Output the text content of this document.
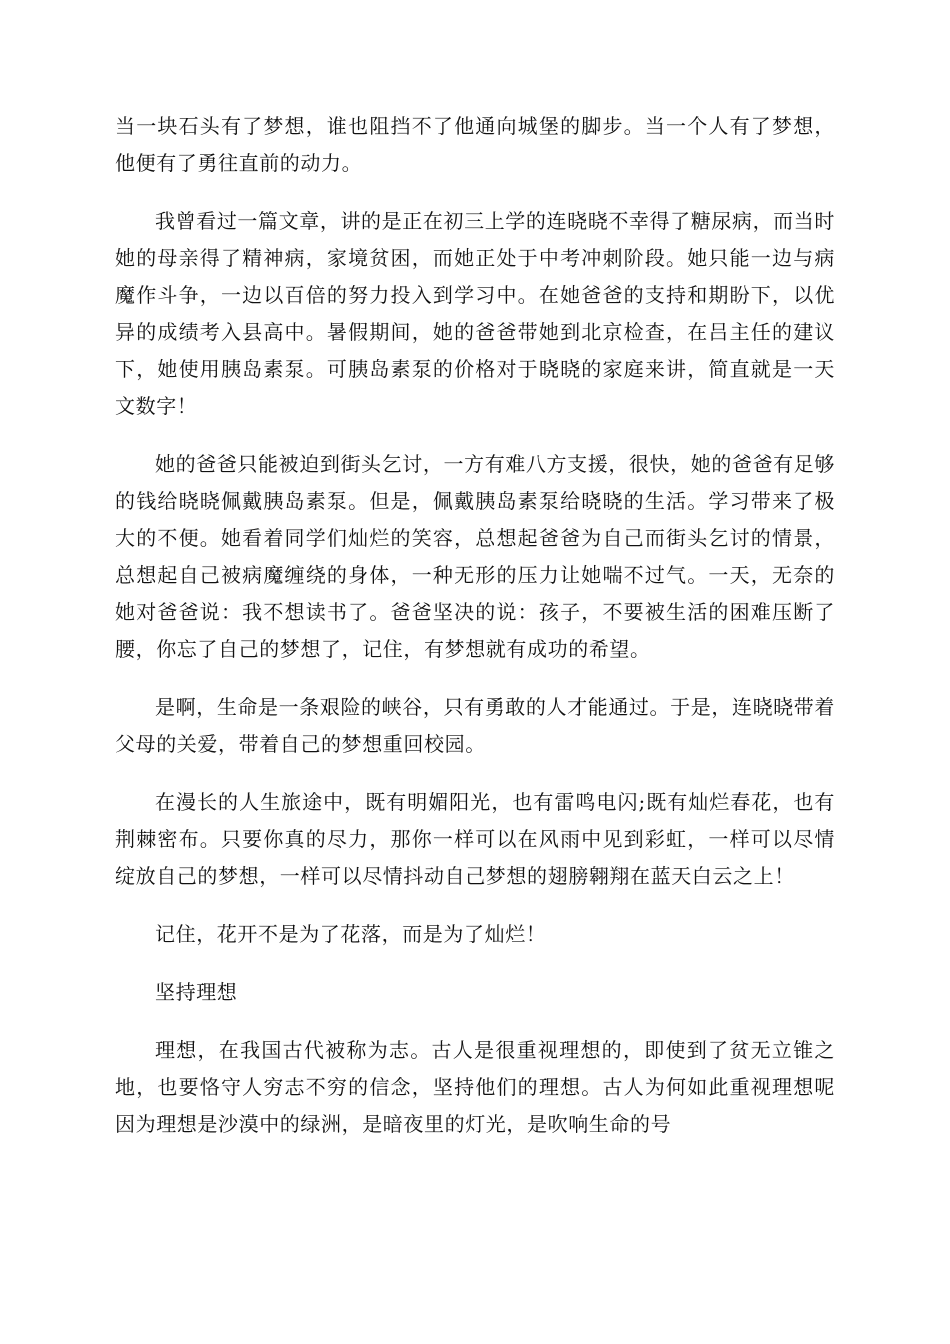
当一块石头有了梦想，谁也阻挡不了他通向城堡的脚步。当一个人有了梦想，他便有了勇往直前的动力。

我曾看过一篇文章，讲的是正在初三上学的连晓晓不幸得了糖尿病，而当时她的母亲得了精神病，家境贫困，而她正处于中考冲刺阶段。她只能一边与病魔作斗争，一边以百倍的努力投入到学习中。在她爸爸的支持和期盼下，以优异的成绩考入县高中。暑假期间，她的爸爸带她到北京检查，在吕主任的建议下，她使用胰岛素泵。可胰岛素泵的价格对于晓晓的家庭来讲，简直就是一天文数字！

她的爸爸只能被迫到街头乞讨，一方有难八方支援，很快，她的爸爸有足够的钱给晓晓佩戴胰岛素泵。但是，佩戴胰岛素泵给晓晓的生活。学习带来了极大的不便。她看着同学们灿烂的笑容，总想起爸爸为自己而街头乞讨的情景，总想起自己被病魔缠绕的身体，一种无形的压力让她喘不过气。一天，无奈的她对爸爸说：我不想读书了。爸爸坚决的说：孩子，不要被生活的困难压断了腰，你忘了自己的梦想了，记住，有梦想就有成功的希望。

是啊，生命是一条艰险的峡谷，只有勇敢的人才能通过。于是，连晓晓带着父母的关爱，带着自己的梦想重回校园。

在漫长的人生旅途中，既有明媚阳光，也有雷鸣电闪;既有灿烂春花，也有荆棘密布。只要你真的尽力，那你一样可以在风雨中见到彩虹，一样可以尽情绽放自己的梦想，一样可以尽情抖动自己梦想的翅膀翱翔在蓝天白云之上！

记住，花开不是为了花落，而是为了灿烂！

坚持理想

理想，在我国古代被称为志。古人是很重视理想的，即使到了贫无立锥之地，也要恪守人穷志不穷的信念，坚持他们的理想。古人为何如此重视理想呢因为理想是沙漠中的绿洲，是暗夜里的灯光，是吹响生命的号
